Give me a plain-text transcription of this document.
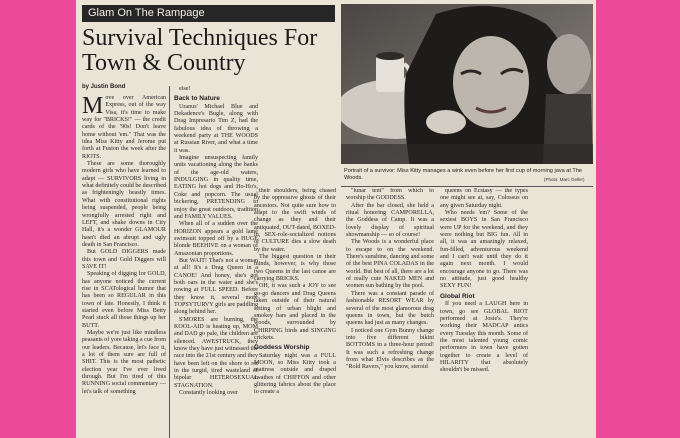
Glam On The Rampage
Survival Techniques For Town & Country
by Justin Bond
Portrait of a survivor: Miss Kitty manages a wink even before her first cup of morning java at The Woods.	(Photo: Marc Geller)

Move over American Express, out of the way Visa, it's time to make way for "BRICKS!" — the credit cards of the '90s! Don't leave home without 'em." That was the idea Miss Kitty and Jerome put forth at Fusion the week after the RIOTS.

These are some thoroughly modern girls who have learned to adapt — SURVIVORS living in what definitely could be described as frighteningly beastly times. What with constitutional rights being suspended, people being wrongfully arrested right and LEFT, and shake downs in City Hall, it's a wonder GLAMOUR hasn't died an abrupt and ugly death in San Francisco.

But GOLD DIGGERS made this town and Gold Diggers will SAVE IT!

Speaking of digging for GOLD, has anyone noticed the current rise in SCATological humor that has been so REGULAR in this town of late. Honestly, I think it started even before Miss Betty Pearl stuck all those things up her BUTT.

Maybe we're just like mindless peasants of yore taking a cue from our leaders. Because, let's face it, a lot of them sure are full of SHIT. This is the most pathetic election year I've ever lived through. But I'm tired of this RUNNING social commentary — let's talk of something

else!

Back to Nature

Uranus' Michael Blue and Dekadence's Bugle, along with Drag Impresario Tim Z, had the fabulous idea of throwing a weekend party at THE WOODS at Russian River, and what a time it was.

Imagine unsuspecting family units vacationing along the banks of the age-old waters, INDULGING in quality time, EATING hot dogs and Ho-Ho's, Coke and popcorn. The usual bickering, PRETENDING to enjoy the great outdoors, tradition and FAMILY VALUES.

When all of a sudden over the HORIZON appears a gold lamé swimsuit topped off by a HUGE blonde BEEHIVE on a woman of Amazonian proportions.

But WAIT! That's not a woman at all! It's a Drag Queen in a CANOE! And honey, she's got both oars in the water and she's rowing at FULL SPEED. Before they know it, several more TOPSYTURVY girls are paddling along behind her.

S'MORES are burning, the KOOL-AID is heating up, MOM and DAD go pale, the children are silenced. AWESTRUCK, they know they have just witnessed the race into the 21st century and they have been left on the shore to rot in the turgid, tired wasteland of bipolar HETEROSEXUAL STAGNATION.

Constantly looking over

their shoulders, being chased by the oppressive ghosts of their ancestors. Not quite sure how to adapt to the swift winds of change as they and their antiquated, OUT-dated, BOXED-in, SEX-role-socialized notions of CULTURE dies a slow death by the water.

The biggest question in their minds, however, is why those two Queens in the last canoe are carrying BRICKS.

OH, it was such a JOY to see go-go dancers and Drag Queens taken outside of their natural setting of urban blight and smokey bars and placed in the woods, surrounded by CHIRPING birds and SINGING crickets.

Goddess Worship

Saturday night was a FULL MOON, so Miss Kitty took a mattress outside and draped swathes of CHIFFON and other glittering fabrics about the place to create a

"lunar tent" from which to worship the GODDESS.

After the bar closed, she held a ritual honoring CAMPORELLA, the Goddess of Camp. It was a lovely display of spiritual showmanship — so of course!

The Woods is a wonderful place to escape to on the weekend. There's sunshine, dancing and some of the best PINA COLADAS in the world. But best of all, there are a lot of really cute NAKED MEN and women sun bathing by the pool.

There was a constant parade of fashionable RESORT WEAR by several of the most glamorous drag queens in town, but the butch queens had just as many changes.

I noticed one Gym Bunny change into five different bikini BOTTOMS in a three-hour period! It was such a refreshing change from what Elvis describes as the "Rold Ravers," you know, steroid

queens on Ecstasy — the types one might see at, say, Colossus on any given Saturday night.

Who needs 'em? Some of the sexiest BOYS in San Francisco were UP for the weekend, and they were nothing but BIG fun. All in all, it was an amazingly relaxed, fun-filled, adventurous weekend and I can't wait until they do it again next month. I would encourage anyone to go. There was no attitude, just good healthy SEXY FUN!

Global Riot

If you need a LAUGH here in town, go see GLOBAL RIOT performed at Josie's. They're working their MADCAP antics every Tuesday this month. Some of the most talented young comic performers in town have gotten together to create a level of HILARITY that absolutely shouldn't be missed.
